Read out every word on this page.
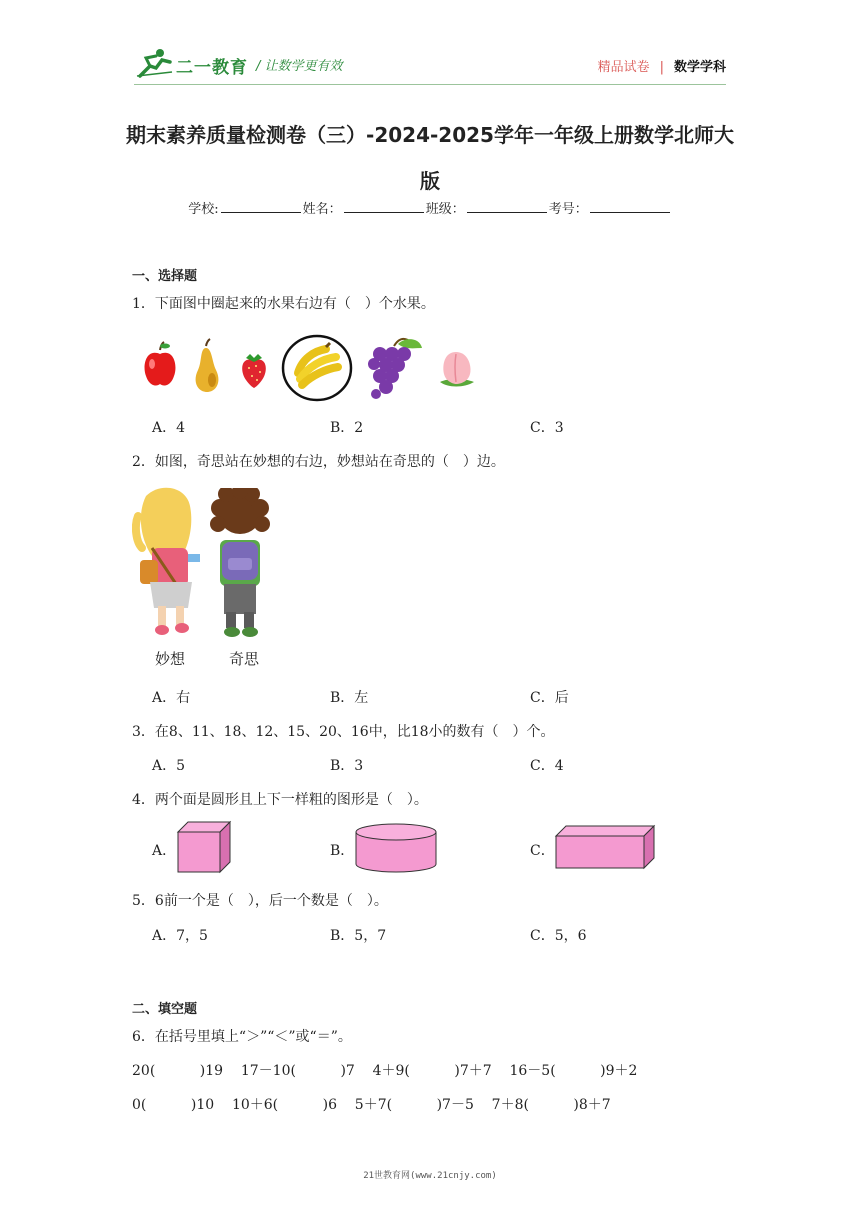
二一教育 / 让数学更有效	精品试卷 | 数学学科
期末素养质量检测卷（三）-2024-2025学年一年级上册数学北师大版
学校:	姓名：	班级：	考号：
一、选择题
1．下面图中圈起来的水果右边有（　）个水果。
A．4	B．2	C．3
2．如图，奇思站在妙想的右边，妙想站在奇思的（　）边。
妙想	奇思
A．右	B．左	C．后
3．在8、11、18、12、15、20、16中，比18小的数有（　）个。
A．5	B．3	C．4
4．两个面是圆形且上下一样粗的图形是（　）。
A．	B．	C．
5．6前一个是（　），后一个数是（　）。
A．7，5	B．5，7	C．5，6
二、填空题
6．在括号里填上“＞”“＜”或“＝”。
20(          )19    17－10(          )7    4＋9(          )7＋7    16－5(          )9＋2
0(          )10    10＋6(          )6    5＋7(          )7－5    7＋8(          )8＋7
21世教育网(www.21cnjy.com)
